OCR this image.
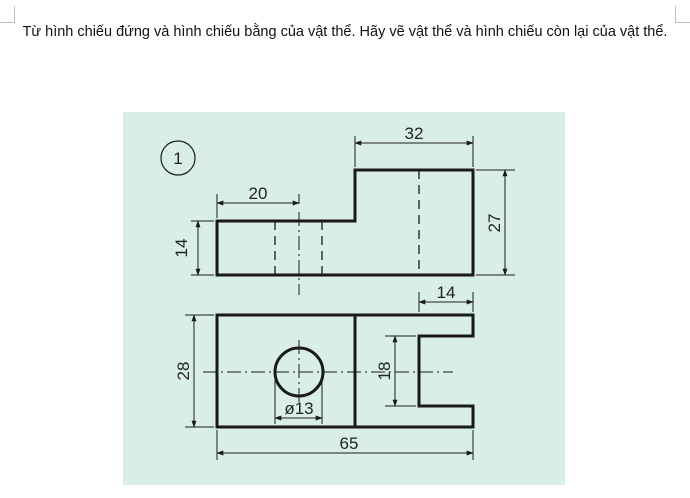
Từ hình chiếu đứng và hình chiếu bằng của vật thể. Hãy vẽ vật thể và hình chiếu còn lại của vật thể.
1
32
20
14
27
14
28	18
ø13
65
